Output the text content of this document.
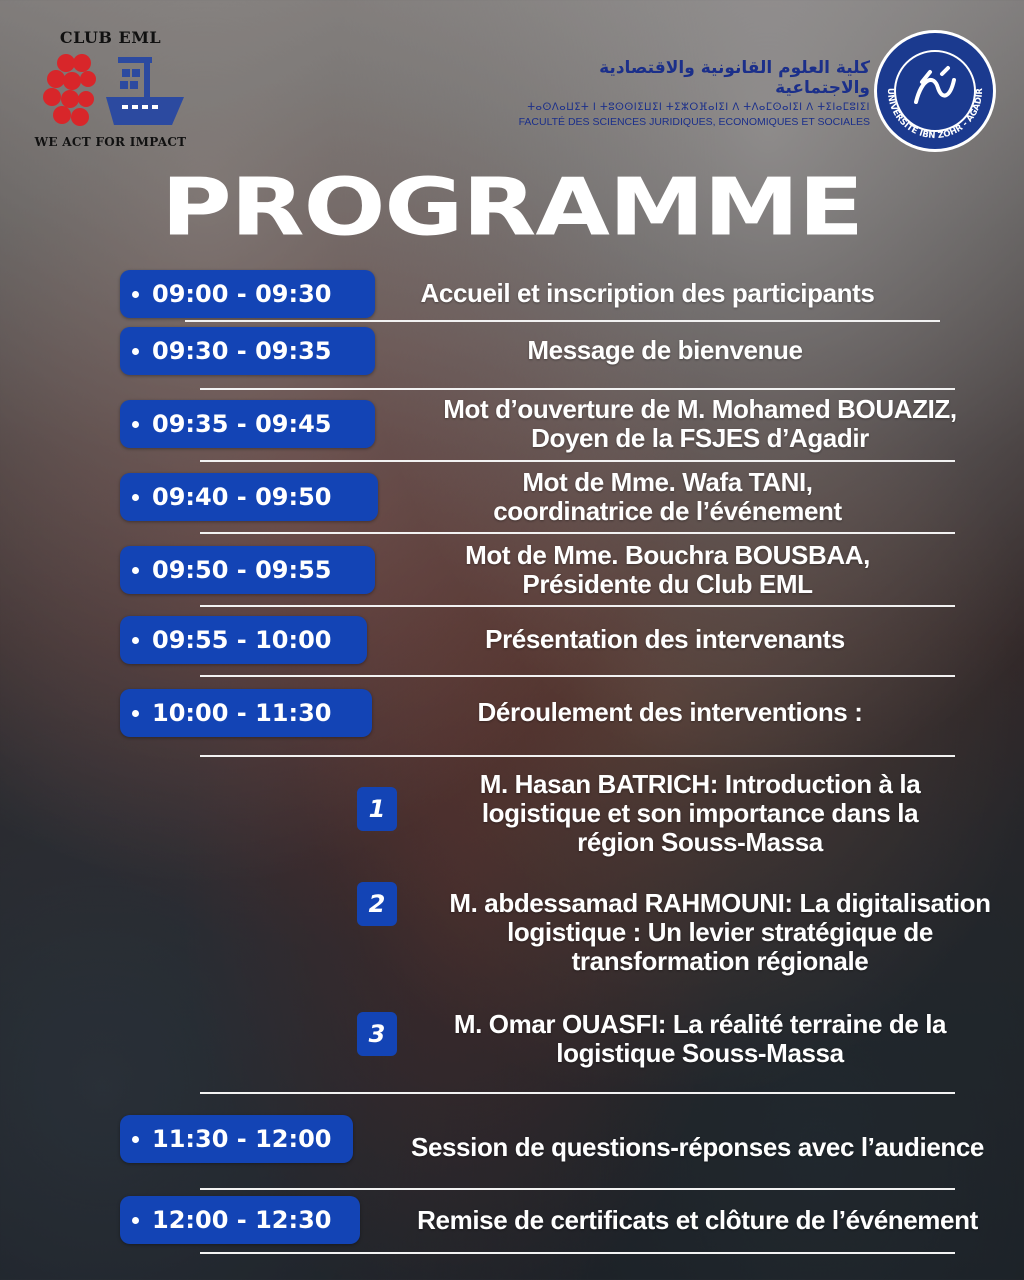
CLUB EML
WE ACT FOR IMPACT
كلية العلوم القانونية والاقتصادية والاجتماعية
ⵜⴰⵙⴷⴰⵡⵉⵜ ⵏ ⵜⵓⵙⵙⵏⵉⵡⵉⵏ ⵜⵉⵣⵔⴼⴰⵏⵉⵏ ⴷ ⵜⴷⴰⵎⵙⴰⵏⵉⵏ ⴷ ⵜⵉⵏⴰⵎⵓⵏⵉⵏ
FACULTÉ DES SCIENCES JURIDIQUES, ECONOMIQUES ET SOCIALES
UNIVERSITÉ IBN ZOHR - AGADIR
PROGRAMME
09:00 - 09:30	Accueil et inscription des participants
09:30 - 09:35	Message de bienvenue
09:35 - 09:45	Mot d’ouverture de M. Mohamed BOUAZIZ,
Doyen de la FSJES d’Agadir
09:40 - 09:50	Mot de Mme. Wafa TANI,
coordinatrice de l’événement
09:50 - 09:55	Mot de Mme. Bouchra BOUSBAA,
Présidente du Club EML
09:55 - 10:00	Présentation des intervenants
10:00 - 11:30	Déroulement des interventions :
1
M. Hasan BATRICH: Introduction à la
logistique et son importance dans la
région Souss-Massa
2	M. abdessamad RAHMOUNI: La digitalisation
logistique : Un levier stratégique de
transformation régionale
3	M. Omar OUASFI: La réalité terraine de la
logistique Souss-Massa
11:30 - 12:00	Session de questions-réponses avec l’audience
12:00 - 12:30	Remise de certificats et clôture de l’événement
